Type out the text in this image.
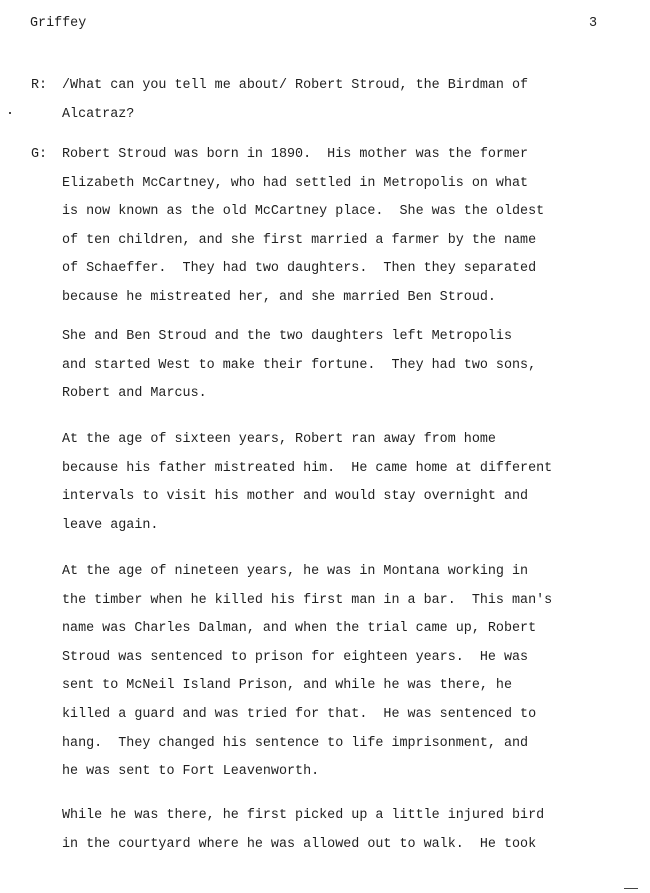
Griffey	3
R: /What can you tell me about/ Robert Stroud, the Birdman of
Alcatraz?
G: Robert Stroud was born in 1890.  His mother was the former
Elizabeth McCartney, who had settled in Metropolis on what
is now known as the old McCartney place.  She was the oldest
of ten children, and she first married a farmer by the name
of Schaeffer.  They had two daughters.  Then they separated
because he mistreated her, and she married Ben Stroud.
She and Ben Stroud and the two daughters left Metropolis
and started West to make their fortune.  They had two sons,
Robert and Marcus.
At the age of sixteen years, Robert ran away from home
because his father mistreated him.  He came home at different
intervals to visit his mother and would stay overnight and
leave again.
At the age of nineteen years, he was in Montana working in
the timber when he killed his first man in a bar.  This man's
name was Charles Dalman, and when the trial came up, Robert
Stroud was sentenced to prison for eighteen years.  He was
sent to McNeil Island Prison, and while he was there, he
killed a guard and was tried for that.  He was sentenced to
hang.  They changed his sentence to life imprisonment, and
he was sent to Fort Leavenworth.
While he was there, he first picked up a little injured bird
in the courtyard where he was allowed out to walk.  He took
